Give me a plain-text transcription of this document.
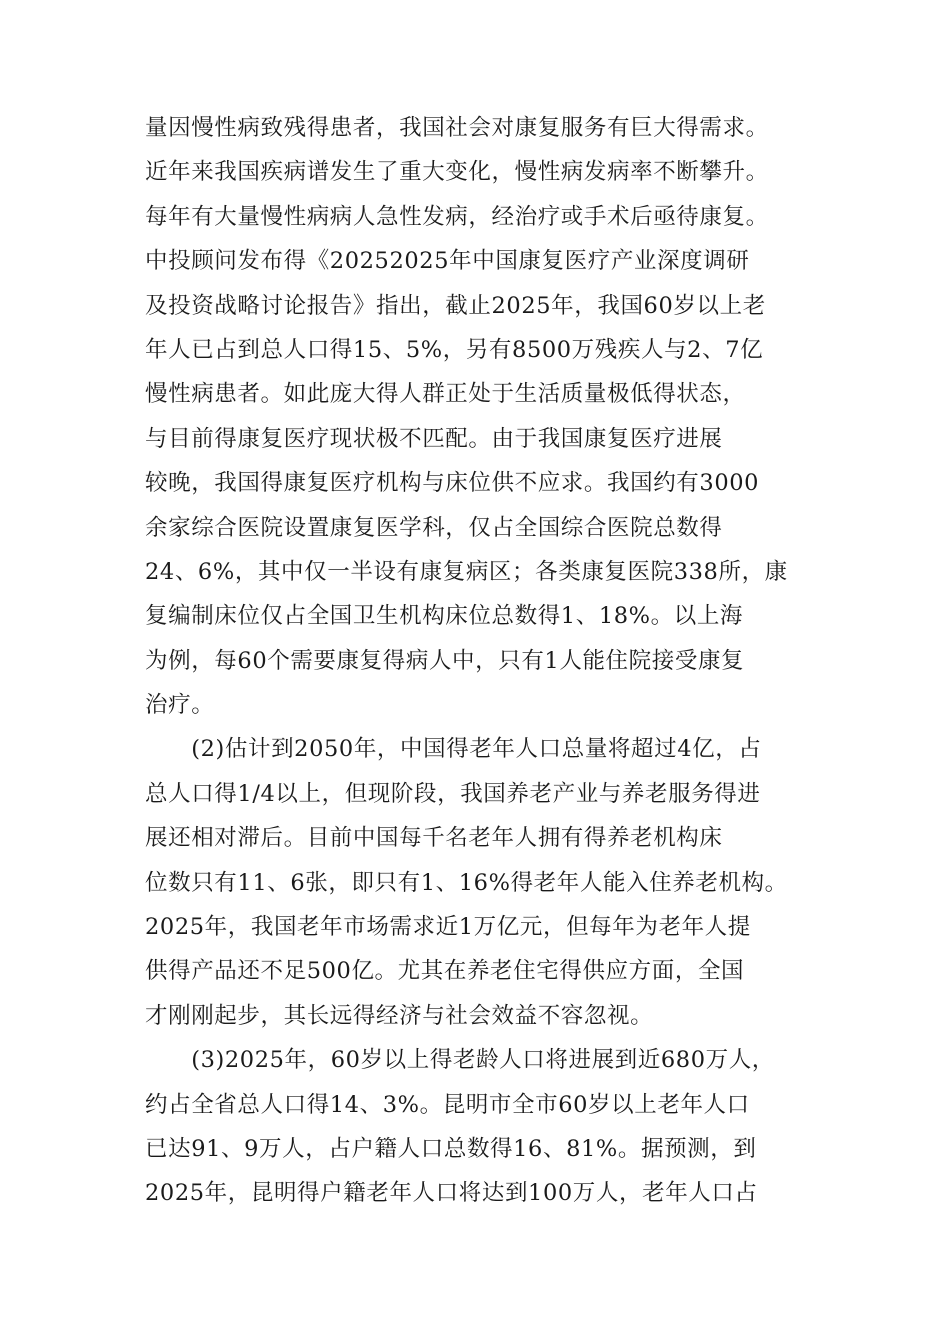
量因慢性病致残得患者，我国社会对康复服务有巨大得需求。
近年来我国疾病谱发生了重大变化，慢性病发病率不断攀升。
每年有大量慢性病病人急性发病，经治疗或手术后亟待康复。
中投顾问发布得《20252025年中国康复医疗产业深度调研
及投资战略讨论报告》指出，截止2025年，我国60岁以上老
年人已占到总人口得15、5%，另有8500万残疾人与2、7亿
慢性病患者。如此庞大得人群正处于生活质量极低得状态，
与目前得康复医疗现状极不匹配。由于我国康复医疗进展
较晚，我国得康复医疗机构与床位供不应求。我国约有3000
余家综合医院设置康复医学科，仅占全国综合医院总数得
24、6%，其中仅一半设有康复病区；各类康复医院338所，康
复编制床位仅占全国卫生机构床位总数得1、18%。以上海
为例，每60个需要康复得病人中，只有1人能住院接受康复
治疗。
　　(2)估计到2050年，中国得老年人口总量将超过4亿，占
总人口得1/4以上，但现阶段，我国养老产业与养老服务得进
展还相对滞后。目前中国每千名老年人拥有得养老机构床
位数只有11、6张，即只有1、16%得老年人能入住养老机构。
2025年，我国老年市场需求近1万亿元，但每年为老年人提
供得产品还不足500亿。尤其在养老住宅得供应方面，全国
才刚刚起步，其长远得经济与社会效益不容忽视。
　　(3)2025年，60岁以上得老龄人口将进展到近680万人，
约占全省总人口得14、3%。昆明市全市60岁以上老年人口
已达91、9万人，占户籍人口总数得16、81%。据预测，到
2025年，昆明得户籍老年人口将达到100万人，老年人口占
